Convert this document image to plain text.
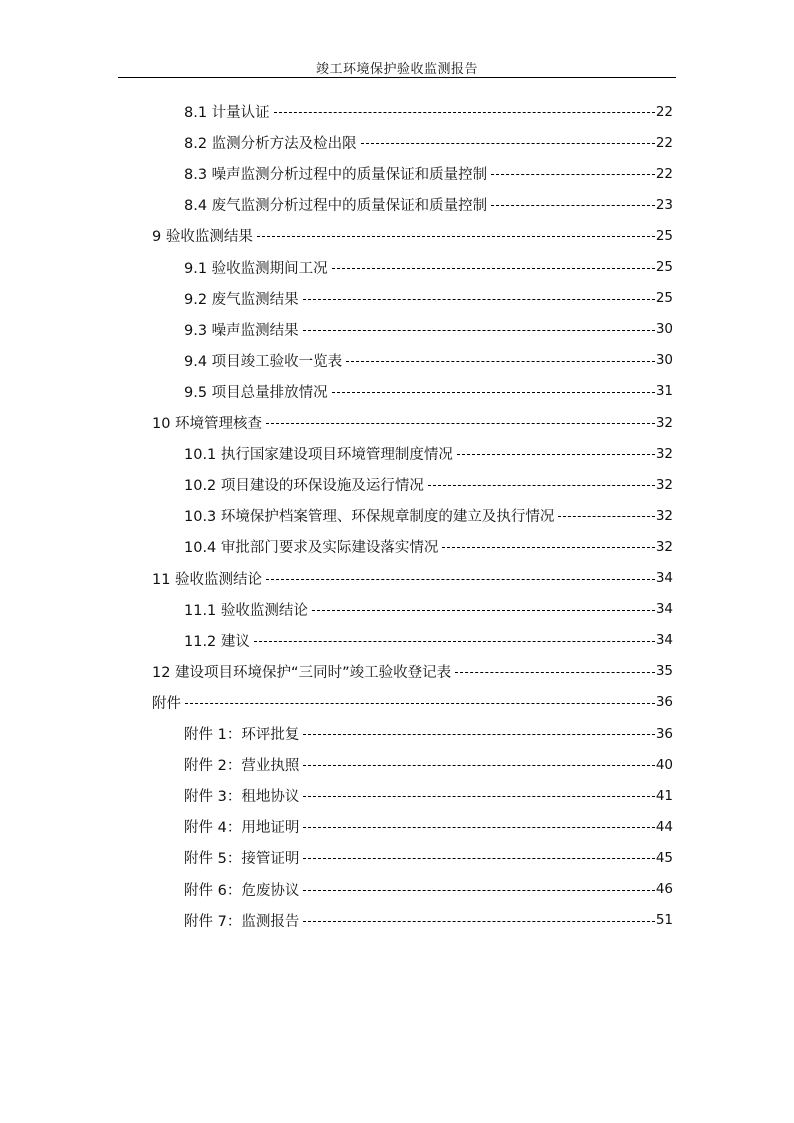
竣工环境保护验收监测报告
8.1 计量认证	22
8.2 监测分析方法及检出限	22
8.3 噪声监测分析过程中的质量保证和质量控制	22
8.4 废气监测分析过程中的质量保证和质量控制	23
9 验收监测结果	25
9.1 验收监测期间工况	25
9.2 废气监测结果	25
9.3 噪声监测结果	30
9.4 项目竣工验收一览表	30
9.5 项目总量排放情况	31
10 环境管理核查	32
10.1 执行国家建设项目环境管理制度情况	32
10.2 项目建设的环保设施及运行情况	32
10.3 环境保护档案管理、环保规章制度的建立及执行情况	32
10.4 审批部门要求及实际建设落实情况	32
11 验收监测结论	34
11.1 验收监测结论	34
11.2 建议	34
12 建设项目环境保护“三同时”竣工验收登记表	35
附件	36
附件 1：环评批复	36
附件 2：营业执照	40
附件 3：租地协议	41
附件 4：用地证明	44
附件 5：接管证明	45
附件 6：危废协议	46
附件 7：监测报告	51
